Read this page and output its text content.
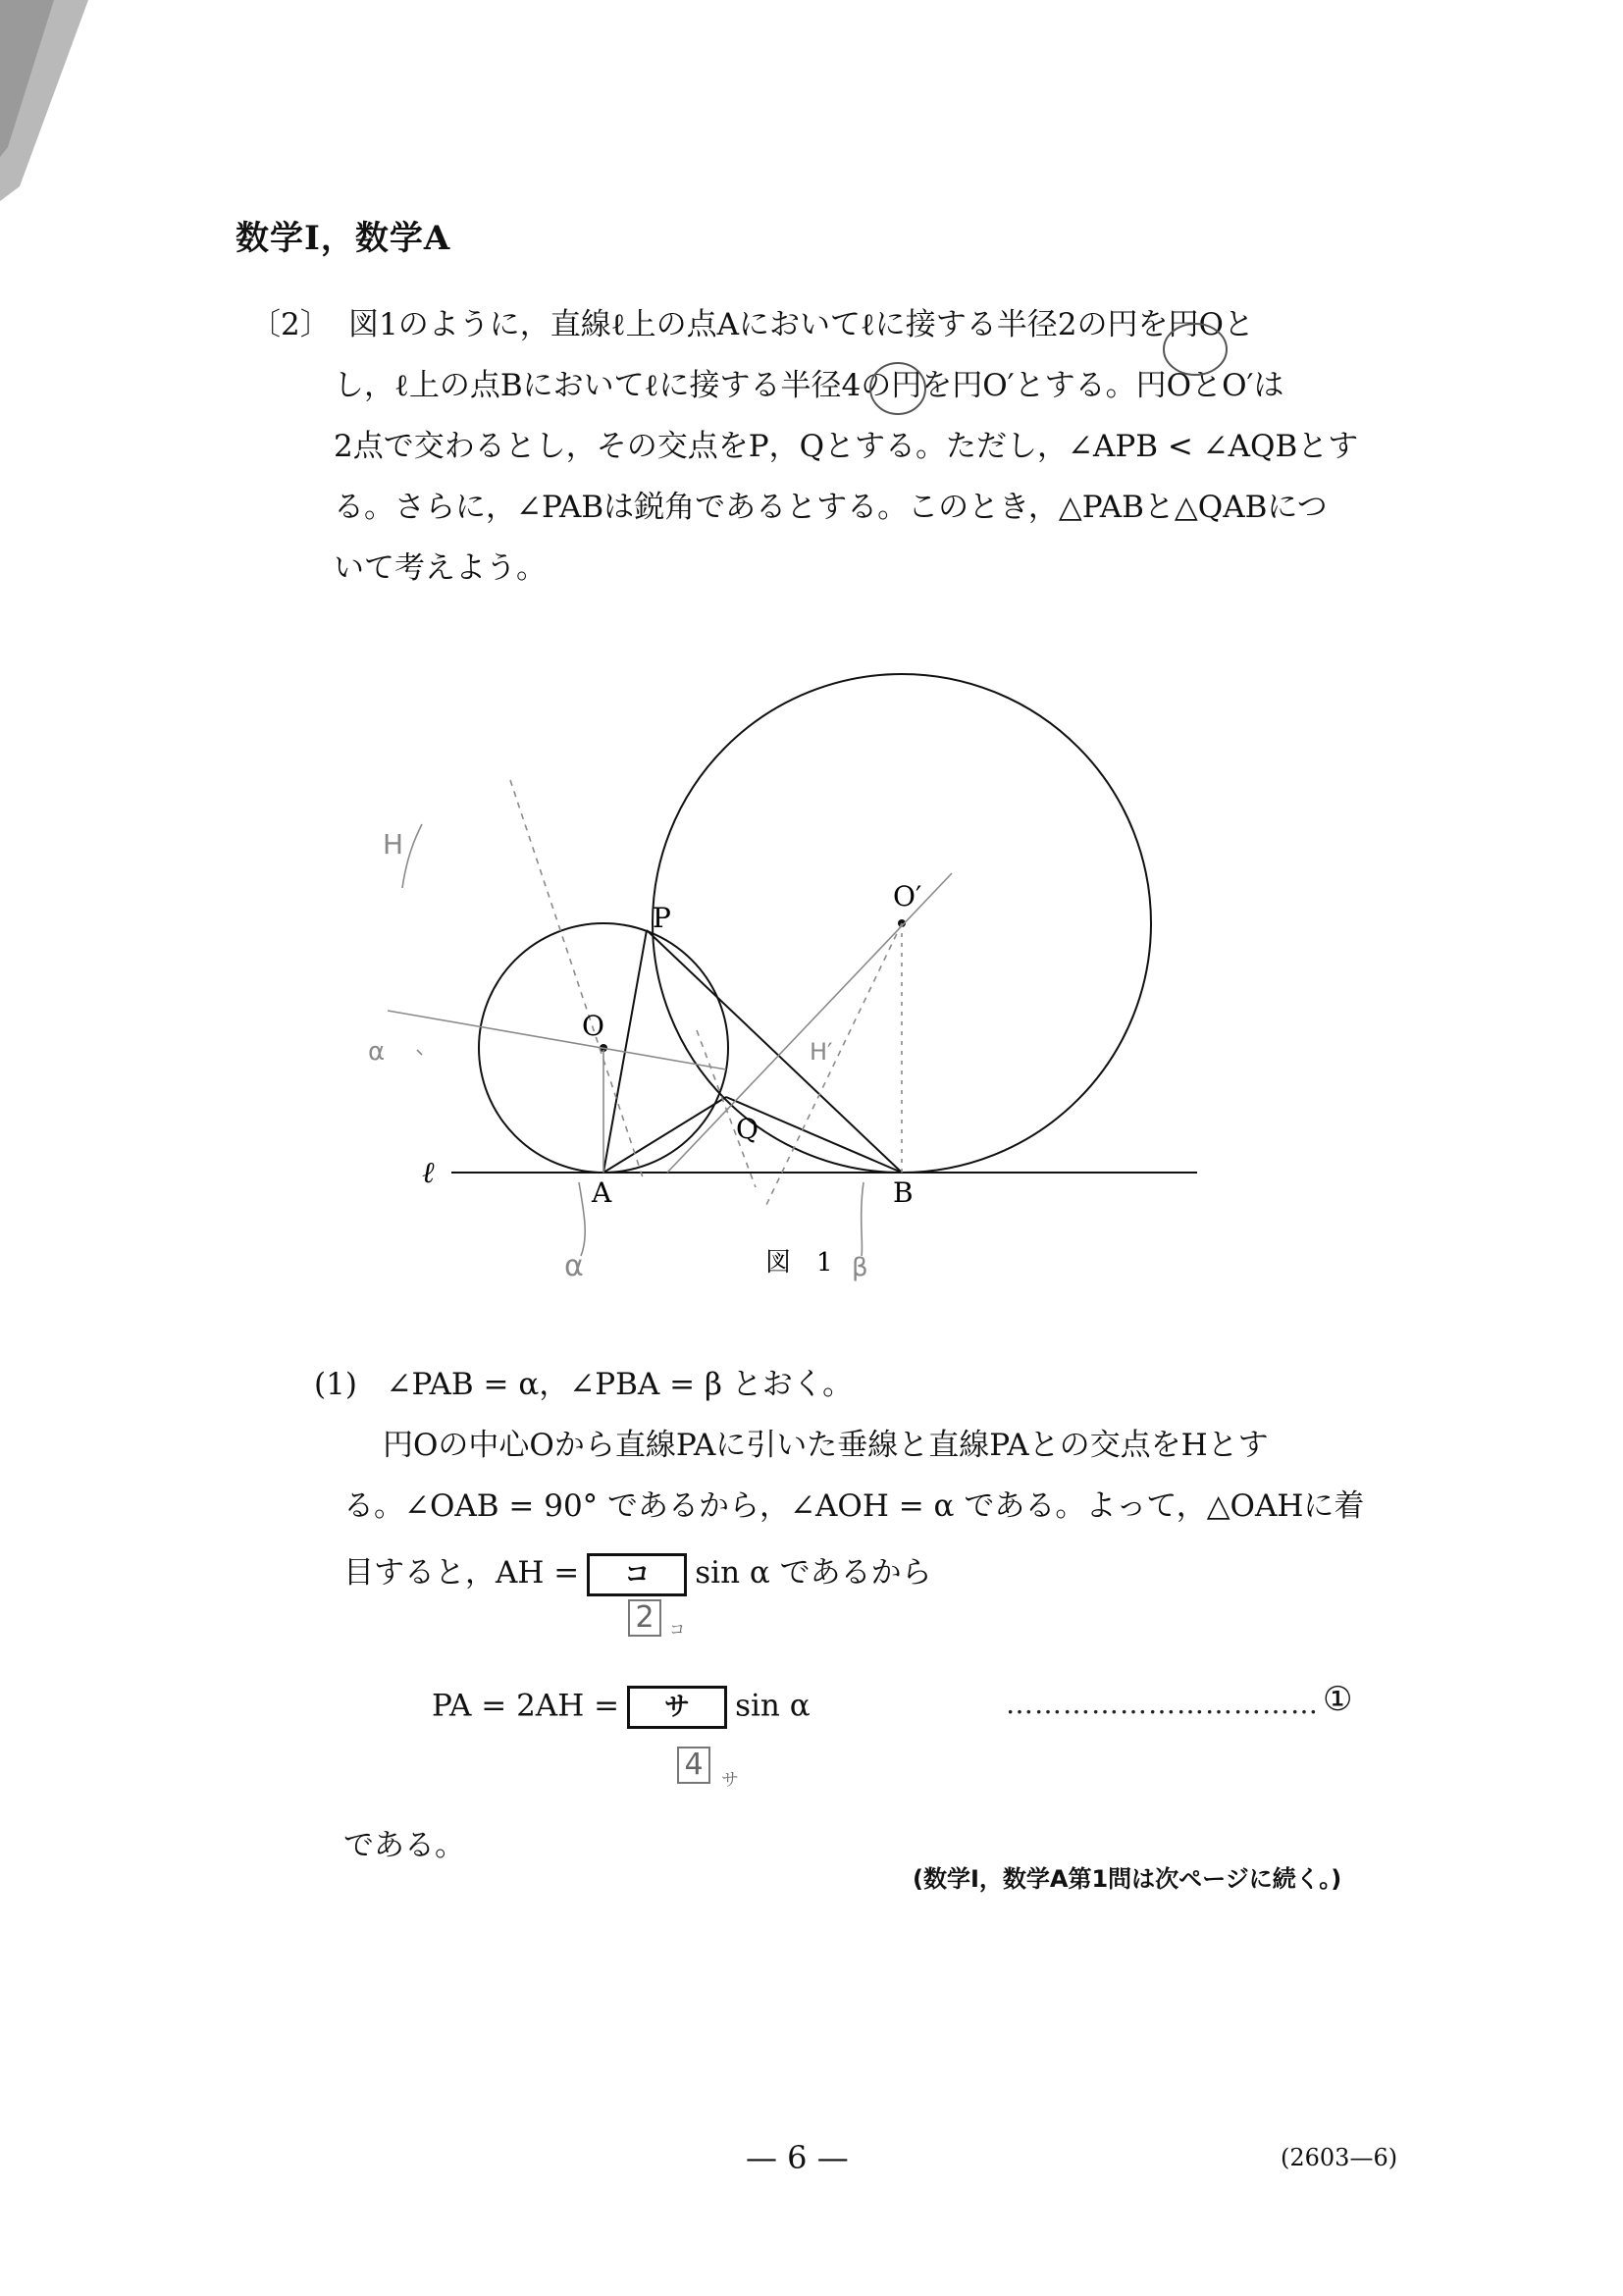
数学Ⅰ，数学A
〔2〕 図1のように，直線ℓ上の点Aにおいてℓに接する半径2の円を円Oと
し，ℓ上の点Bにおいてℓに接する半径4の円を円O′とする。円OとO′は
2点で交わるとし，その交点をP，Qとする。ただし，∠APB < ∠AQBとす
る。さらに，∠PABは鋭角であるとする。このとき，△PABと△QABにつ
いて考えよう。
P
Q
O
O′
A	B
ℓ
H
H′
α
α	β
図　1
(1) ∠PAB = α，∠PBA = β とおく。
円Oの中心Oから直線PAに引いた垂線と直線PAとの交点をHとす
る。∠OAB = 90° であるから，∠AOH = α である。よって，△OAHに着
目すると，AH = コ sin α であるから
2 コ
PA = 2AH = サ sin α	…………………………… ①
4	サ
である。
(数学Ⅰ，数学A第1問は次ページに続く。)
— 6 —	(2603—6)
